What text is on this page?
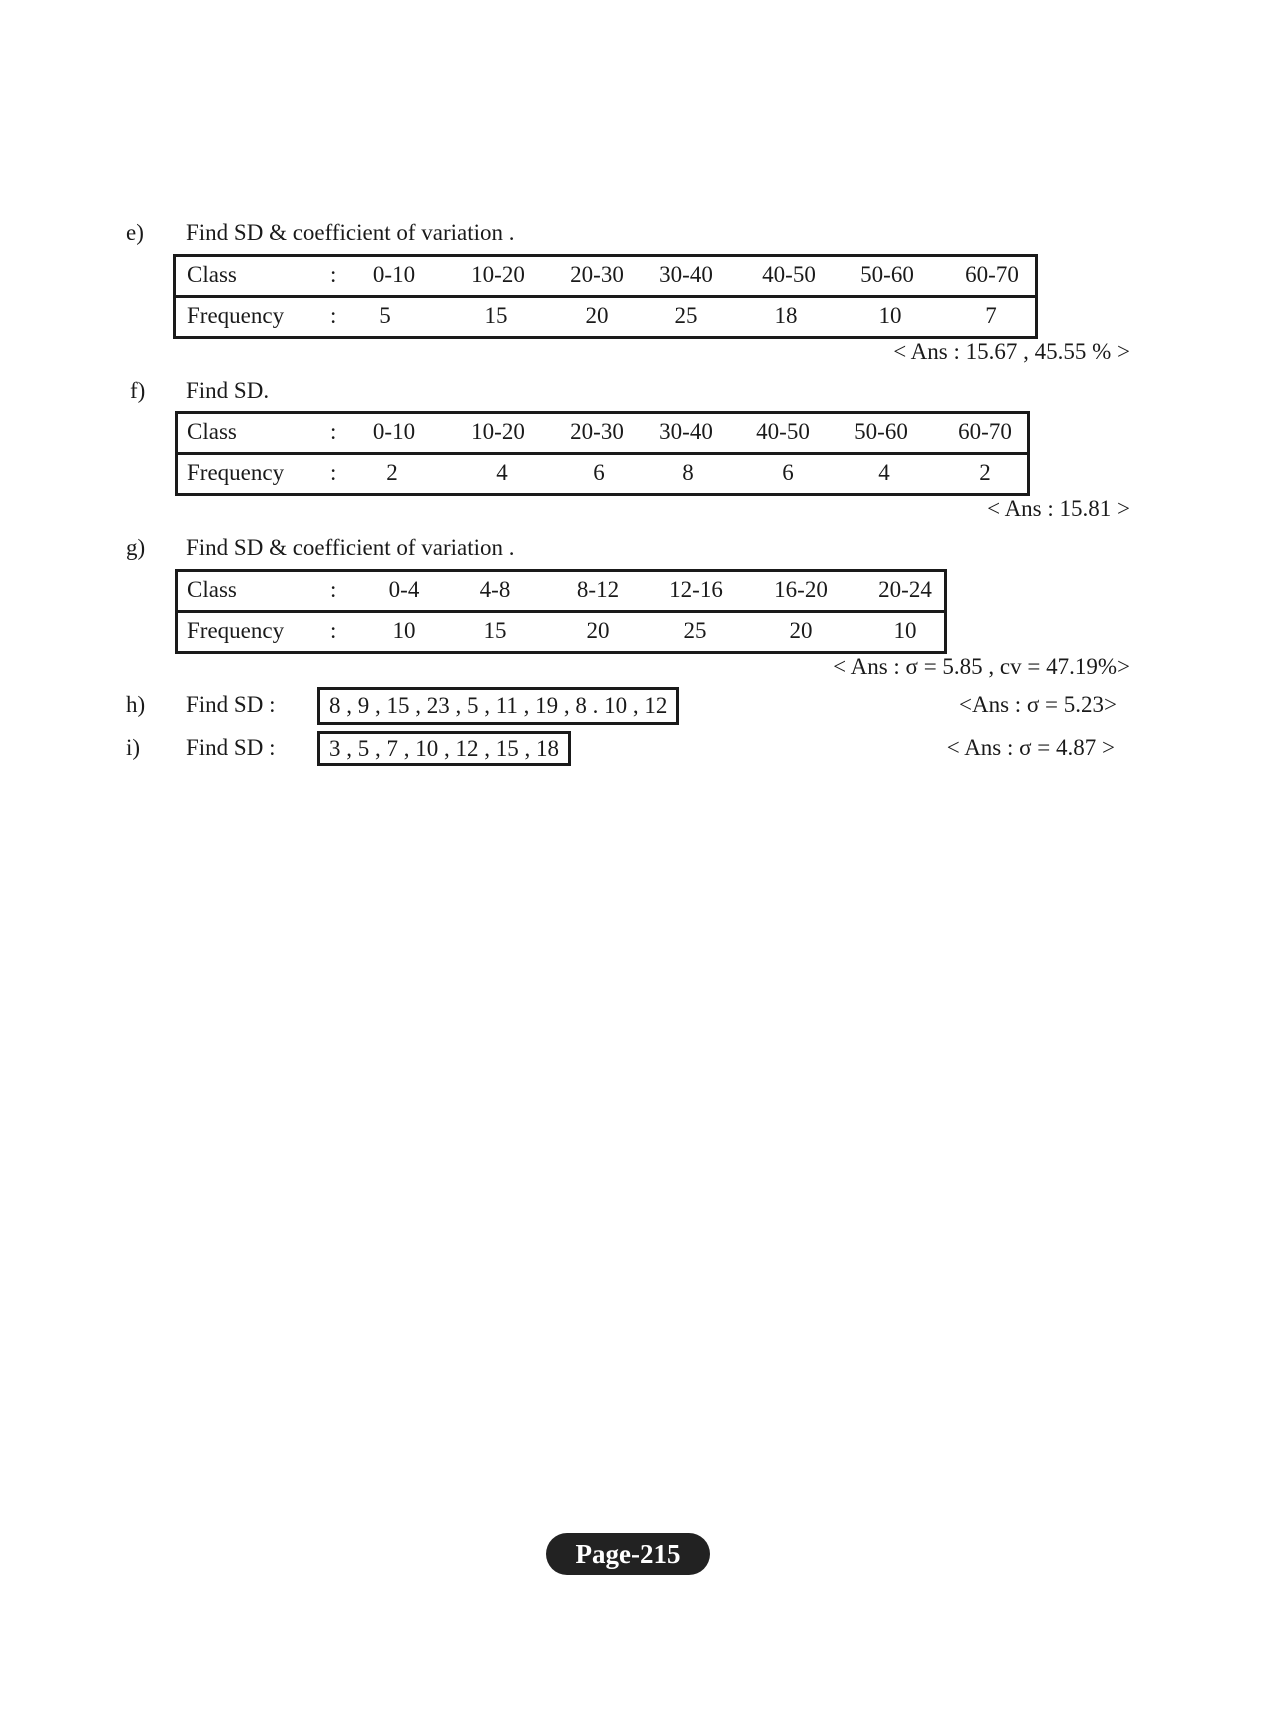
e) Find SD & coefficient of variation .
Class	: 0-10 10-20 20-30 30-40 40-50 50-60 60-70
Frequency : 5	15	20	25	18	10	7
< Ans : 15.67 , 45.55 % >
f) Find SD.
Class	: 0-10 10-20 20-30 30-40 40-50 50-60 60-70
Frequency : 2	4	6	8	6	4	2
< Ans : 15.81 >
g) Find SD & coefficient of variation .
Class	: 0-4	4-8	8-12 12-16 16-20 20-24
Frequency : 10	15	20	25	20	10
< Ans : σ = 5.85 , cv = 47.19%>
h) Find SD :	8 , 9 , 15 , 23 , 5 , 11 , 19 , 8 . 10 , 12	<Ans : σ = 5.23>
i) Find SD :	3 , 5 , 7 , 10 , 12 , 15 , 18	< Ans : σ = 4.87 >
Page-215
